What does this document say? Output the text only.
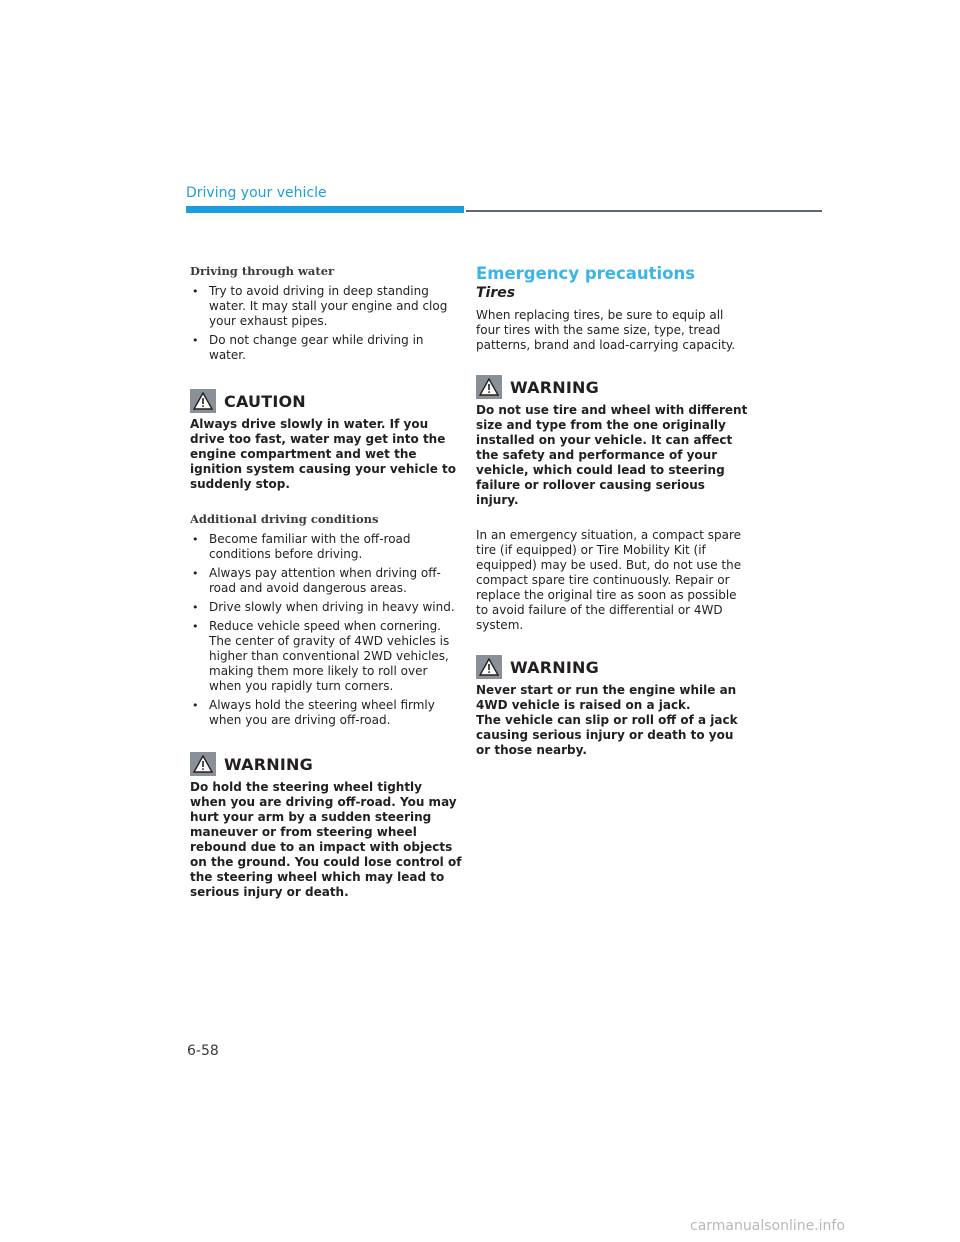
Driving your vehicle
Driving through water
• Try to avoid driving in deep standing water. It may stall your engine and clog your exhaust pipes.
• Do not change gear while driving in water.
CAUTION

Always drive slowly in water. If you drive too fast, water may get into the engine compartment and wet the ignition system causing your vehicle to suddenly stop.

Additional driving conditions
• Become familiar with the off-road conditions before driving.
• Always pay attention when driving off-road and avoid dangerous areas.
• Drive slowly when driving in heavy wind.
• Reduce vehicle speed when cornering. The center of gravity of 4WD vehicles is higher than conventional 2WD vehicles, making them more likely to roll over when you rapidly turn corners.
• Always hold the steering wheel firmly when you are driving off-road.
WARNING

Do hold the steering wheel tightly when you are driving off-road. You may hurt your arm by a sudden steering maneuver or from steering wheel rebound due to an impact with objects on the ground. You could lose control of the steering wheel which may lead to serious injury or death.

Emergency precautions
Tires

When replacing tires, be sure to equip all four tires with the same size, type, tread patterns, brand and load-carrying capacity.

WARNING

Do not use tire and wheel with different size and type from the one originally installed on your vehicle. It can affect the safety and performance of your vehicle, which could lead to steering failure or rollover causing serious injury.

In an emergency situation, a compact spare tire (if equipped) or Tire Mobility Kit (if equipped) may be used. But, do not use the compact spare tire continuously. Repair or replace the original tire as soon as possible to avoid failure of the differential or 4WD system.

WARNING

Never start or run the engine while an 4WD vehicle is raised on a jack.

The vehicle can slip or roll off of a jack causing serious injury or death to you or those nearby.

6-58
carmanualsonline.info
